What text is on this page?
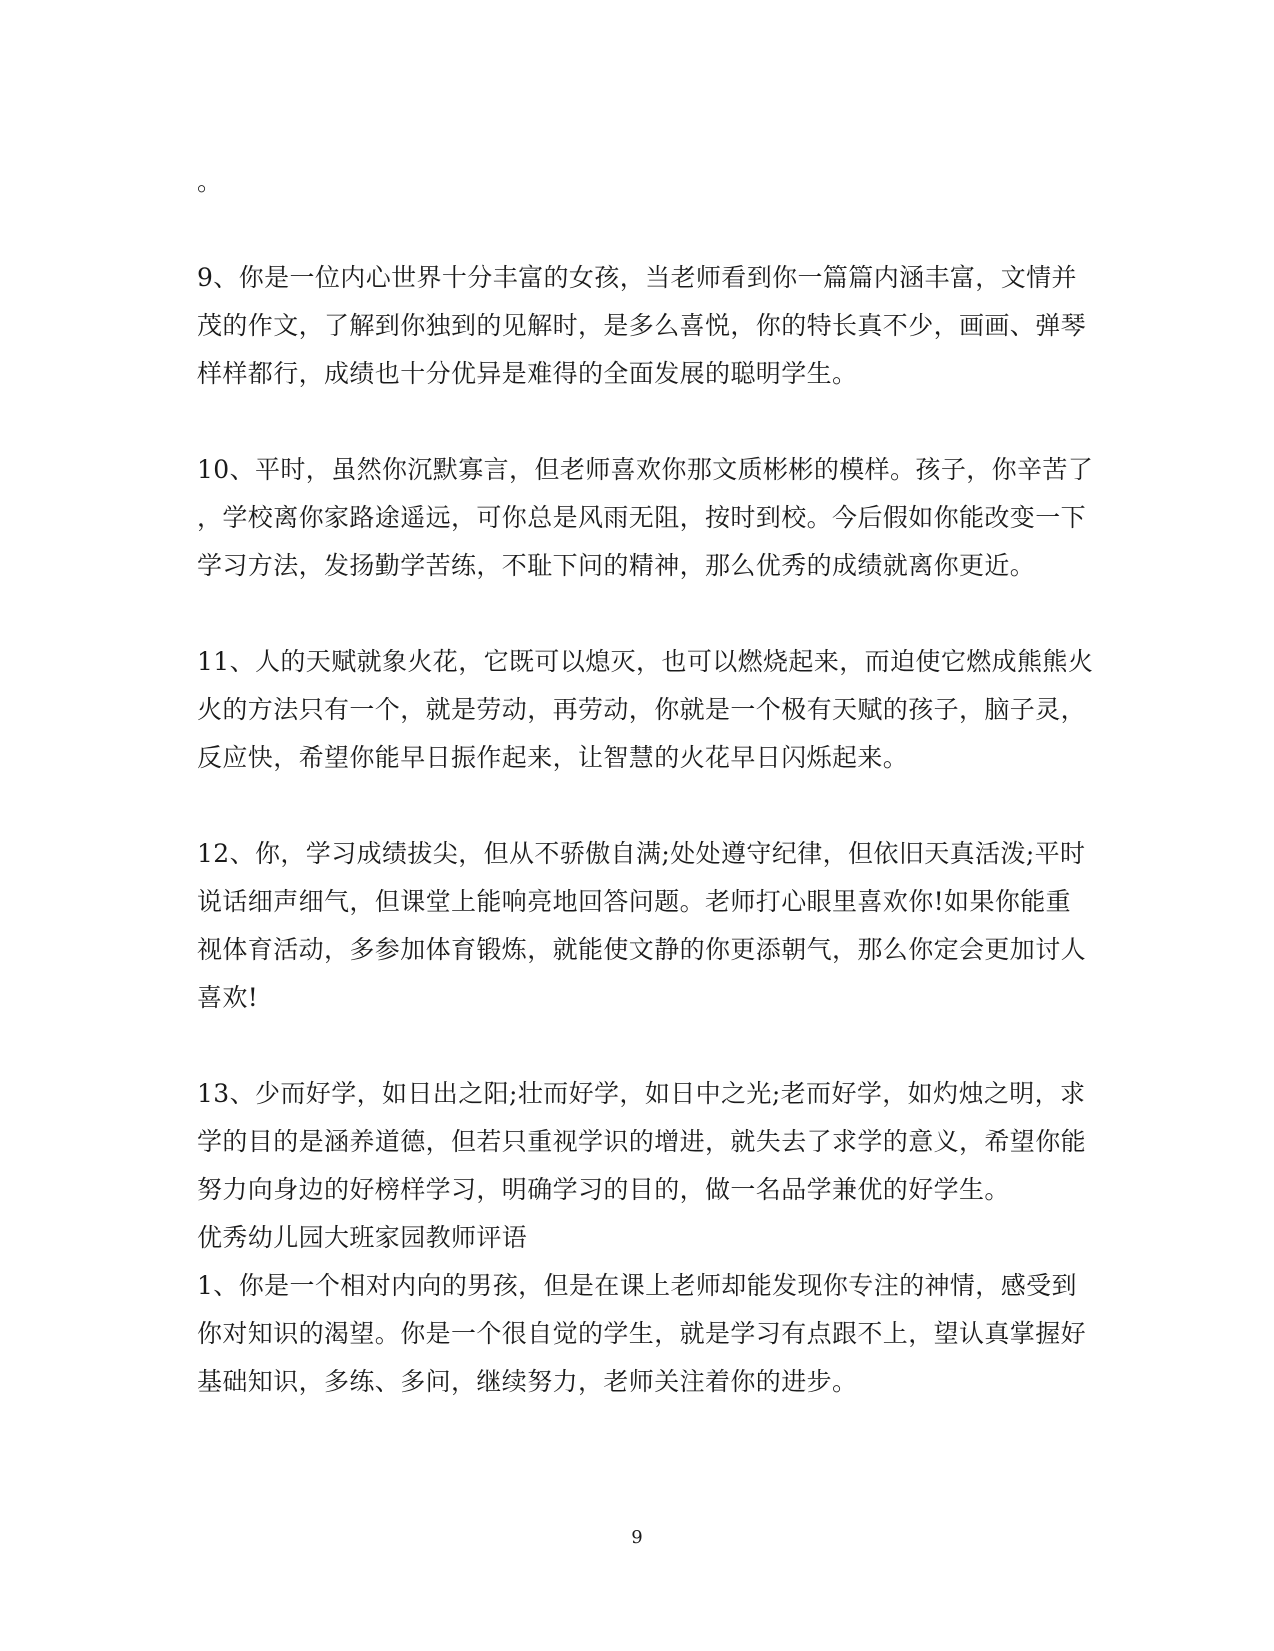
。
9、你是一位内心世界十分丰富的女孩，当老师看到你一篇篇内涵丰富，文情并
茂的作文，了解到你独到的见解时，是多么喜悦，你的特长真不少，画画、弹琴
样样都行，成绩也十分优异是难得的全面发展的聪明学生。
10、平时，虽然你沉默寡言，但老师喜欢你那文质彬彬的模样。孩子，你辛苦了
，学校离你家路途遥远，可你总是风雨无阻，按时到校。今后假如你能改变一下
学习方法，发扬勤学苦练，不耻下问的精神，那么优秀的成绩就离你更近。
11、人的天赋就象火花，它既可以熄灭，也可以燃烧起来，而迫使它燃成熊熊火
火的方法只有一个，就是劳动，再劳动，你就是一个极有天赋的孩子，脑子灵，
反应快，希望你能早日振作起来，让智慧的火花早日闪烁起来。
12、你，学习成绩拔尖，但从不骄傲自满;处处遵守纪律，但依旧天真活泼;平时
说话细声细气，但课堂上能响亮地回答问题。老师打心眼里喜欢你!如果你能重
视体育活动，多参加体育锻炼，就能使文静的你更添朝气，那么你定会更加讨人
喜欢!
13、少而好学，如日出之阳;壮而好学，如日中之光;老而好学，如灼烛之明，求
学的目的是涵养道德，但若只重视学识的增进，就失去了求学的意义，希望你能
努力向身边的好榜样学习，明确学习的目的，做一名品学兼优的好学生。
优秀幼儿园大班家园教师评语
1、你是一个相对内向的男孩，但是在课上老师却能发现你专注的神情，感受到
你对知识的渴望。你是一个很自觉的学生，就是学习有点跟不上，望认真掌握好
基础知识，多练、多问，继续努力，老师关注着你的进步。
9
